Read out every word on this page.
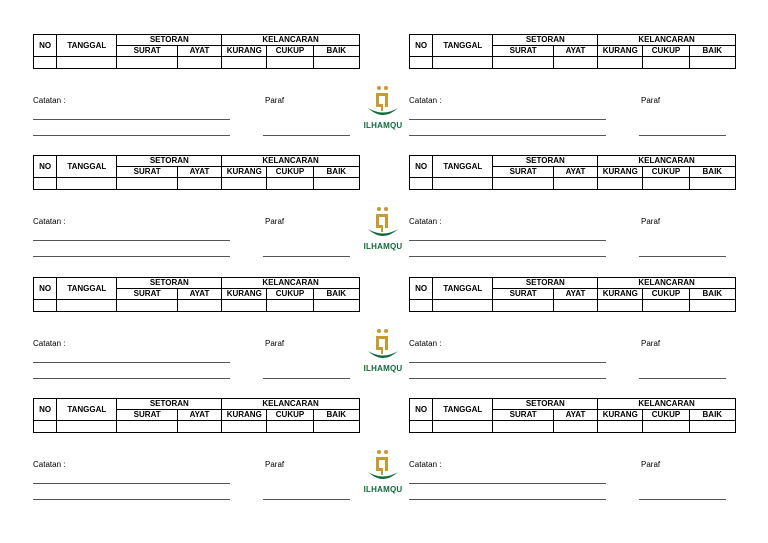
NO	TANGGAL	SETORAN		KELANCARAN		
		SURAT	AYAT	KURANG	CUKUP	BAIK

Catatan :	Paraf
NO	TANGGAL	SETORAN		KELANCARAN		
		SURAT	AYAT	KURANG	CUKUP	BAIK

Catatan :	Paraf
ILHAMQU
NO	TANGGAL	SETORAN		KELANCARAN		
		SURAT	AYAT	KURANG	CUKUP	BAIK

Catatan :	Paraf
NO	TANGGAL	SETORAN		KELANCARAN		
		SURAT	AYAT	KURANG	CUKUP	BAIK

Catatan :	Paraf
ILHAMQU
NO	TANGGAL	SETORAN		KELANCARAN		
		SURAT	AYAT	KURANG	CUKUP	BAIK

Catatan :	Paraf
NO	TANGGAL	SETORAN		KELANCARAN		
		SURAT	AYAT	KURANG	CUKUP	BAIK

Catatan :	Paraf
ILHAMQU
NO	TANGGAL	SETORAN		KELANCARAN		
		SURAT	AYAT	KURANG	CUKUP	BAIK

Catatan :	Paraf
NO	TANGGAL	SETORAN		KELANCARAN		
		SURAT	AYAT	KURANG	CUKUP	BAIK

Catatan :	Paraf
ILHAMQU
